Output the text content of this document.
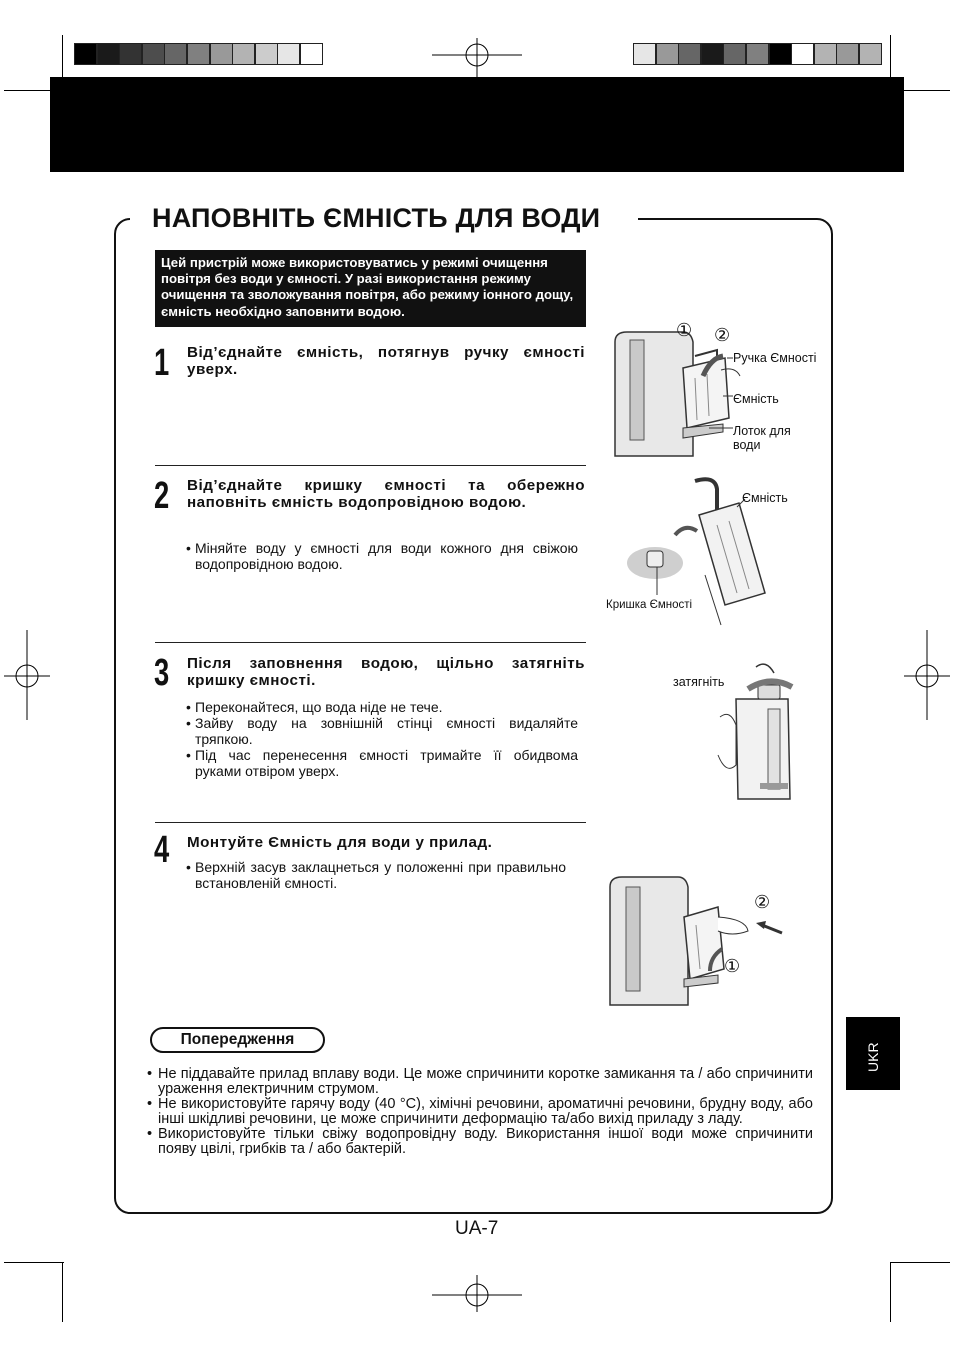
НАПОВНІТЬ ЄМНІСТЬ ДЛЯ ВОДИ
Цей пристрій може використовуватись у режимі очищення повітря без води у ємності. У разі використання режиму очищення та зволожування повітря, або режиму іонного дощу, ємність необхідно заповнити водою.
1 Від’єднайте ємність, потягнув ручку ємності уверх.
2 Від’єднайте кришку ємності та обережно наповніть ємність водопровідною водою.
• Міняйте воду у ємності для води кожного дня свіжою водопровідною водою.
3 Після заповнення водою, щільно затягніть кришку ємності.
• Переконайтеся, що вода ніде не тече.
• Зайву воду на зовнішній стінці ємності видаляйте тряпкою.
• Під час перенесення ємності тримайте її обидвома руками отвіром уверх.
4 Монтуйте Ємність для води у прилад.
• Верхній засув заклацнеться у положенні при правильно встановленій ємності.
① ②
Ручка Ємності
Ємність
Лоток для води
Ємність
Кришка Ємності
затягніть
②
①
Попередження
• Не піддавайте прилад вплаву води. Це може спричинити коротке замикання та / або спричинити ураження електричним струмом.
• Не використовуйте гарячу воду (40 °C), хімічні речовини, ароматичні речовини, брудну воду, або інші шкідливі речовини, це може спричинити деформацію та/або вихід приладу з ладу.
• Використовуйте тільки свіжу водопровідну воду. Використання іншої води може спричинити появу цвілі, грибків та / або бактерій.
UKR
UA-7
